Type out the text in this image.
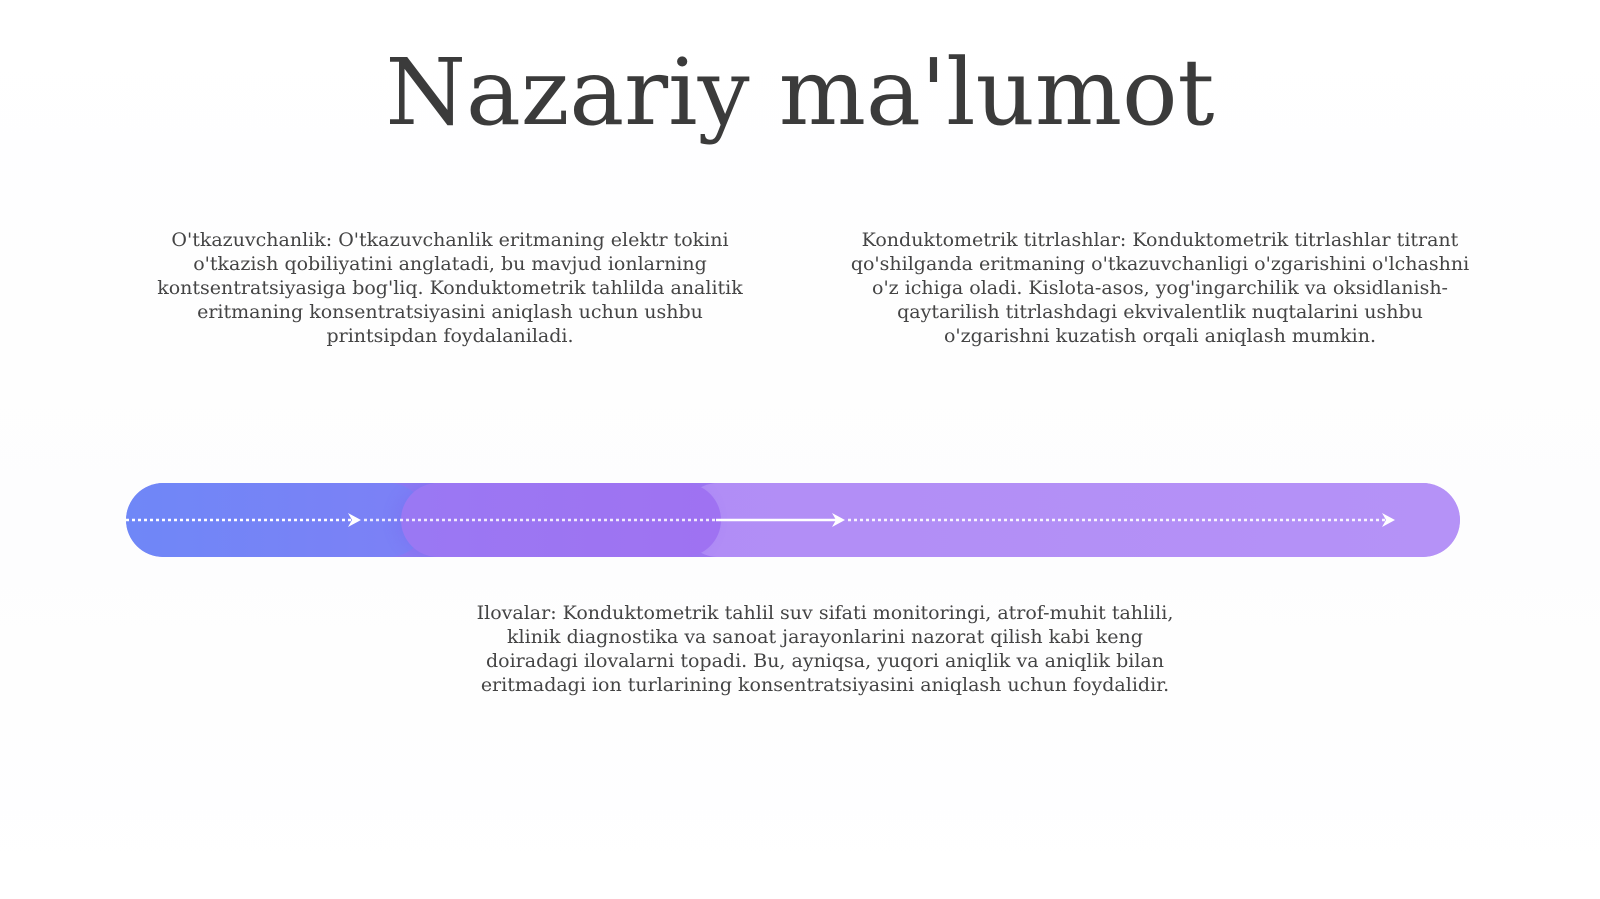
Nazariy ma'lumot

O'tkazuvchanlik: O'tkazuvchanlik eritmaning elektr tokini o'tkazish qobiliyatini anglatadi, bu mavjud ionlarning kontsentratsiyasiga bog'liq. Konduktometrik tahlilda analitik eritmaning konsentratsiyasini aniqlash uchun ushbu printsipdan foydalaniladi.

Konduktometrik titrlashlar: Konduktometrik titrlashlar titrant qo'shilganda eritmaning o'tkazuvchanligi o'zgarishini o'lchashni o'z ichiga oladi. Kislota-asos, yog'ingarchilik va oksidlanish-qaytarilish titrlashdagi ekvivalentlik nuqtalarini ushbu o'zgarishni kuzatish orqali aniqlash mumkin.

Ilovalar: Konduktometrik tahlil suv sifati monitoringi, atrof-muhit tahlili, klinik diagnostika va sanoat jarayonlarini nazorat qilish kabi keng doiradagi ilovalarni topadi. Bu, ayniqsa, yuqori aniqlik va aniqlik bilan eritmadagi ion turlarining konsentratsiyasini aniqlash uchun foydalidir.
